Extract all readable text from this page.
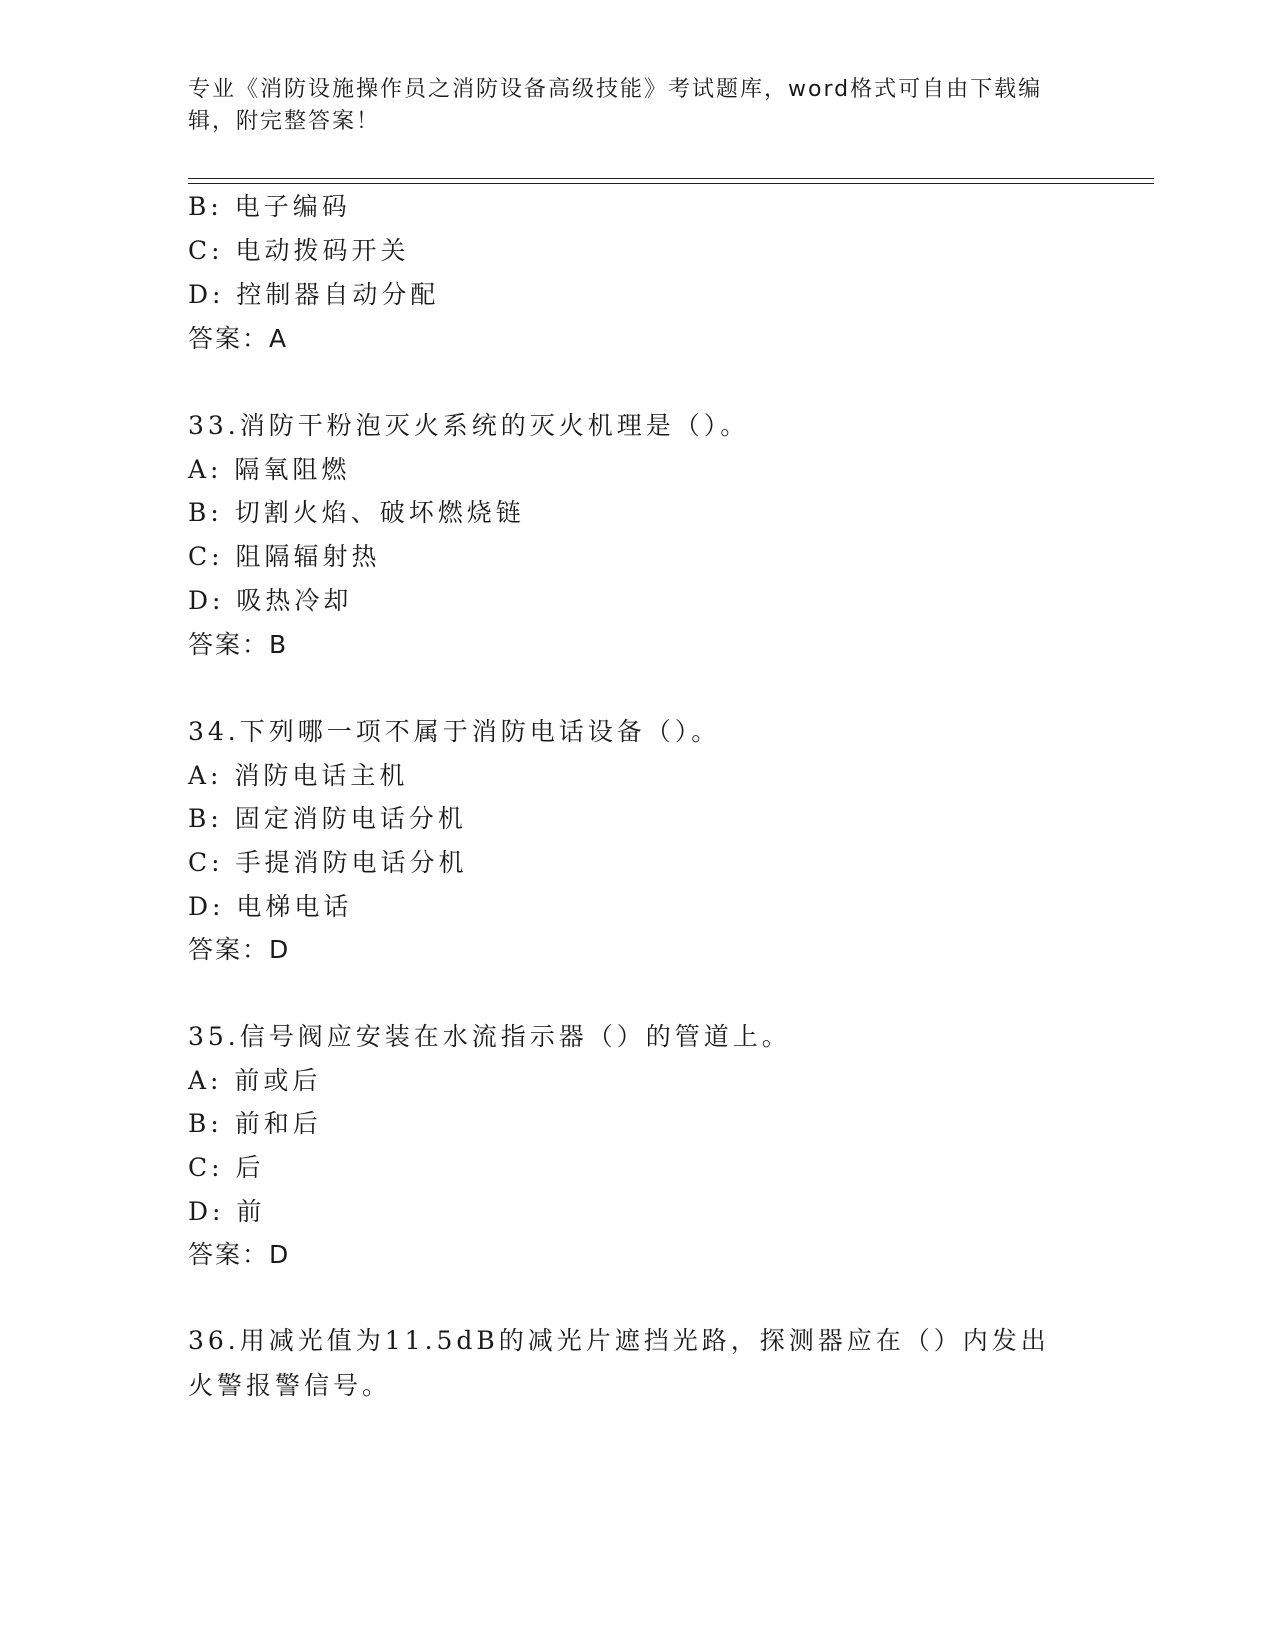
专业《消防设施操作员之消防设备高级技能》考试题库，word格式可自由下载编辑，附完整答案！
B: 电子编码
C: 电动拨码开关
D: 控制器自动分配
答案：A
33.消防干粉泡灭火系统的灭火机理是（）。
A: 隔氧阻燃
B: 切割火焰、破坏燃烧链
C: 阻隔辐射热
D: 吸热冷却
答案：B
34.下列哪一项不属于消防电话设备（）。
A: 消防电话主机
B: 固定消防电话分机
C: 手提消防电话分机
D: 电梯电话
答案：D
35.信号阀应安装在水流指示器（）的管道上。
A: 前或后
B: 前和后
C: 后
D: 前
答案：D
36.用减光值为11.5dB的减光片遮挡光路，探测器应在（）内发出火警报警信号。
